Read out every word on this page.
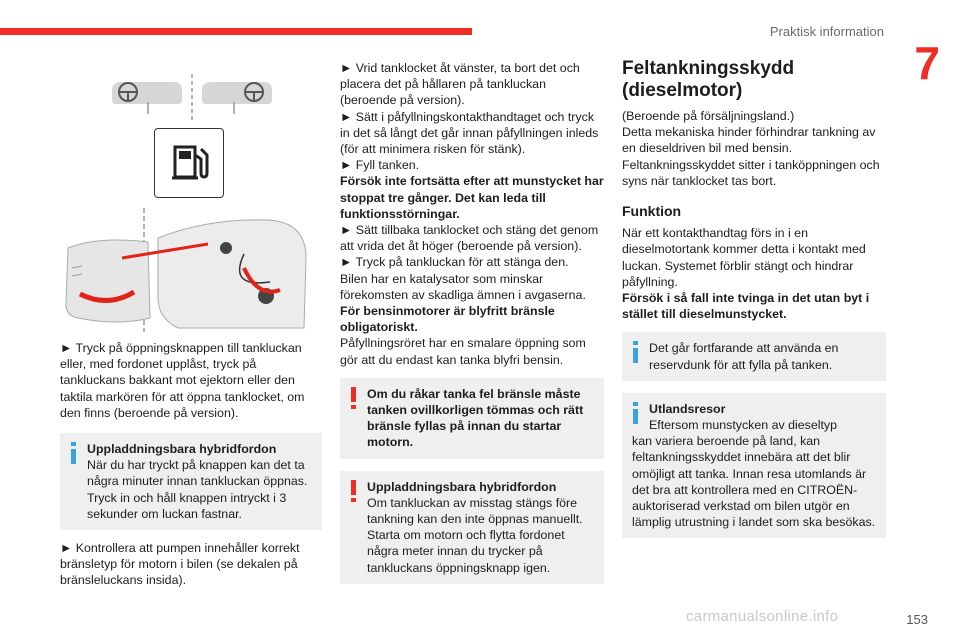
Praktisk information
7

► Tryck på öppningsknappen till tankluckan eller, med fordonet upplåst, tryck på tankluckans bakkant mot ejektorn eller den taktila markören för att öppna tanklocket, om den finns (beroende på version).

Uppladdningsbara hybridfordon
När du har tryckt på knappen kan det ta några minuter innan tankluckan öppnas. Tryck in och håll knappen intryckt i 3 sekunder om luckan fastnar.

► Kontrollera att pumpen innehåller korrekt bränsletyp för motorn i bilen (se dekalen på bränsleluckans insida).

► Vrid tanklocket åt vänster, ta bort det och placera det på hållaren på tankluckan (beroende på version).

► Sätt i påfyllningskontakthandtaget och tryck in det så långt det går innan påfyllningen inleds (för att minimera risken för stänk).

► Fyll tanken.

Försök inte fortsätta efter att munstycket har stoppat tre gånger. Det kan leda till funktionsstörningar.

► Sätt tillbaka tanklocket och stäng det genom att vrida det åt höger (beroende på version).

► Tryck på tankluckan för att stänga den.

Bilen har en katalysator som minskar förekomsten av skadliga ämnen i avgaserna.

För bensinmotorer är blyfritt bränsle obligatoriskt.

Påfyllningsröret har en smalare öppning som gör att du endast kan tanka blyfri bensin.

Om du råkar tanka fel bränsle måste tanken ovillkorligen tömmas och rätt bränsle fyllas på innan du startar motorn.
Uppladdningsbara hybridfordon
Om tankluckan av misstag stängs före tankning kan den inte öppnas manuellt. Starta om motorn och flytta fordonet några meter innan du trycker på tankluckans öppningsknapp igen.
Feltankningsskydd (dieselmotor)

(Beroende på försäljningsland.)

Detta mekaniska hinder förhindrar tankning av en dieseldriven bil med bensin.

Feltankningsskyddet sitter i tanköppningen och syns när tanklocket tas bort.

Funktion

När ett kontakthandtag förs in i en dieselmotortank kommer detta i kontakt med luckan. Systemet förblir stängt och hindrar påfyllning.

Försök i så fall inte tvinga in det utan byt i stället till dieselmunstycket.

Det går fortfarande att använda en reservdunk för att fylla på tanken.
Utlandsresor
Eftersom munstycken av dieseltyp
kan variera beroende på land, kan feltankningsskyddet innebära att det blir omöjligt att tanka. Innan resa utomlands är det bra att kontrollera med en CITROËN-auktoriserad verkstad om bilen utgör en lämplig utrustning i landet som ska besökas.
carmanualsonline.info	153
